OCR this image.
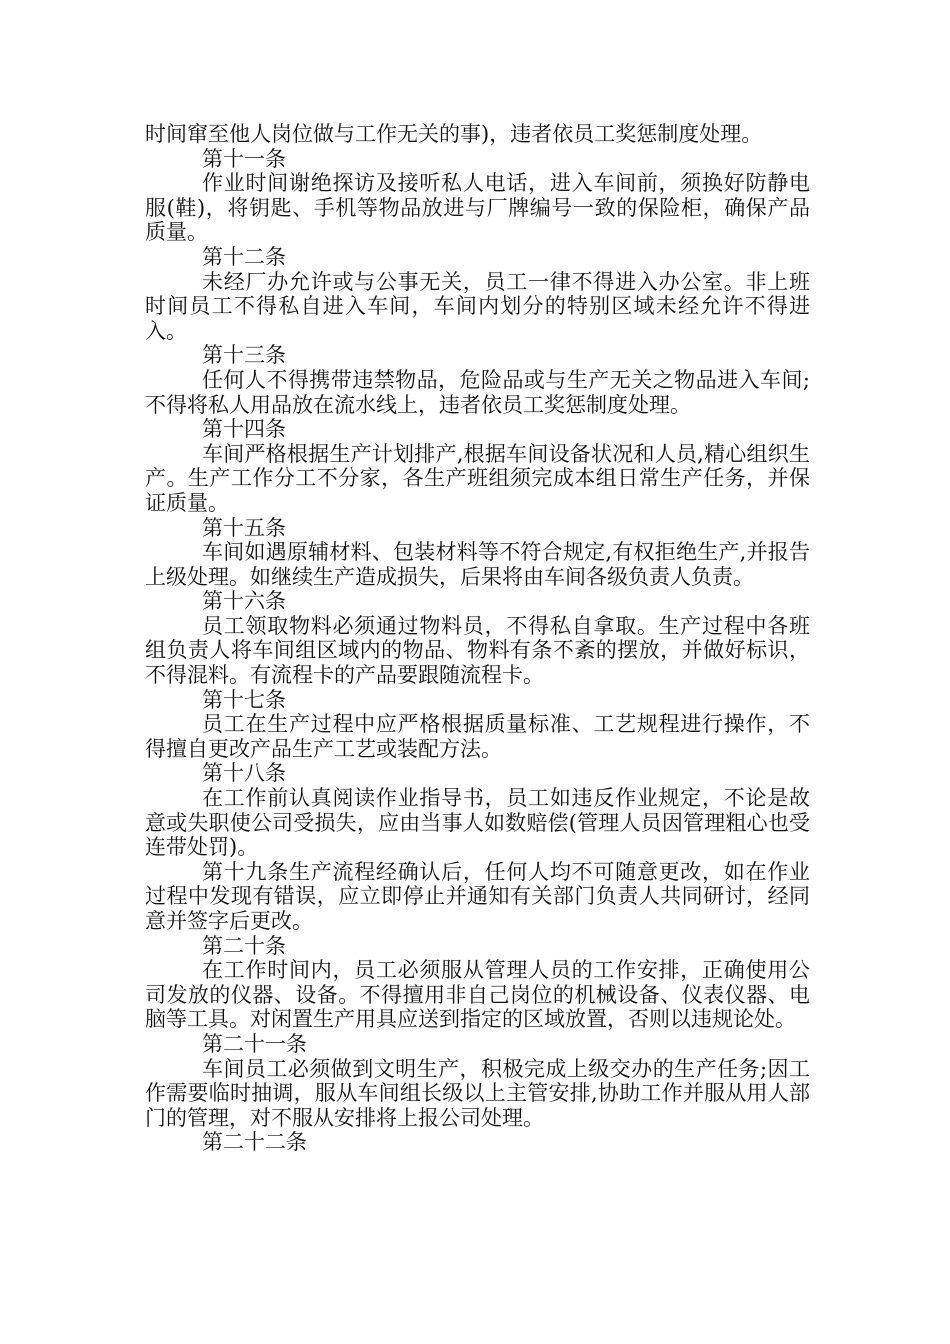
时间窜至他人岗位做与工作无关的事)，违者依员工奖惩制度处理。

第十一条

作业时间谢绝探访及接听私人电话，进入车间前，须换好防静电服(鞋)，将钥匙、手机等物品放进与厂牌编号一致的保险柜，确保产品质量。

第十二条

未经厂办允许或与公事无关，员工一律不得进入办公室。非上班时间员工不得私自进入车间，车间内划分的特别区域未经允许不得进入。

第十三条

任何人不得携带违禁物品，危险品或与生产无关之物品进入车间;不得将私人用品放在流水线上，违者依员工奖惩制度处理。

第十四条

车间严格根据生产计划排产,根据车间设备状况和人员,精心组织生产。生产工作分工不分家，各生产班组须完成本组日常生产任务，并保证质量。

第十五条

车间如遇原辅材料、包装材料等不符合规定,有权拒绝生产,并报告上级处理。如继续生产造成损失，后果将由车间各级负责人负责。

第十六条

员工领取物料必须通过物料员，不得私自拿取。生产过程中各班组负责人将车间组区域内的物品、物料有条不紊的摆放，并做好标识，不得混料。有流程卡的产品要跟随流程卡。

第十七条

员工在生产过程中应严格根据质量标准、工艺规程进行操作，不得擅自更改产品生产工艺或装配方法。

第十八条

在工作前认真阅读作业指导书，员工如违反作业规定，不论是故意或失职使公司受损失，应由当事人如数赔偿(管理人员因管理粗心也受连带处罚)。

第十九条生产流程经确认后，任何人均不可随意更改，如在作业过程中发现有错误，应立即停止并通知有关部门负责人共同研讨，经同意并签字后更改。

第二十条

在工作时间内，员工必须服从管理人员的工作安排，正确使用公司发放的仪器、设备。不得擅用非自己岗位的机械设备、仪表仪器、电脑等工具。对闲置生产用具应送到指定的区域放置，否则以违规论处。

第二十一条

车间员工必须做到文明生产，积极完成上级交办的生产任务;因工作需要临时抽调，服从车间组长级以上主管安排,协助工作并服从用人部门的管理，对不服从安排将上报公司处理。

第二十二条
